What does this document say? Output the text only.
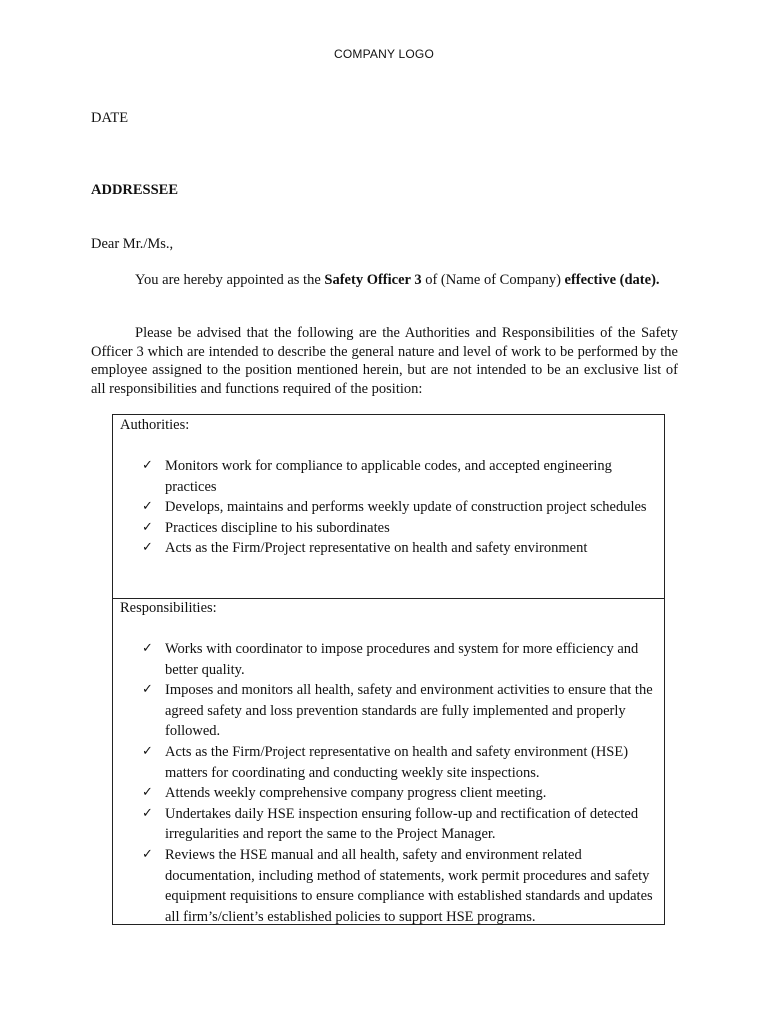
COMPANY LOGO
DATE
ADDRESSEE
Dear Mr./Ms.,

You are hereby appointed as the Safety Officer 3 of (Name of Company) effective (date).

Please be advised that the following are the Authorities and Responsibilities of the Safety Officer 3 which are intended to describe the general nature and level of work to be performed by the employee assigned to the position mentioned herein, but are not intended to be an exclusive list of all responsibilities and functions required of the position:

Authorities:
✓ Monitors work for compliance to applicable codes, and accepted engineering practices
✓ Develops, maintains and performs weekly update of construction project schedules
✓ Practices discipline to his subordinates
✓ Acts as the Firm/Project representative on health and safety environment
Responsibilities:
✓ Works with coordinator to impose procedures and system for more efficiency and better quality.
✓ Imposes and monitors all health, safety and environment activities to ensure that the agreed safety and loss prevention standards are fully implemented and properly followed.
✓ Acts as the Firm/Project representative on health and safety environment (HSE) matters for coordinating and conducting weekly site inspections.
✓ Attends weekly comprehensive company progress client meeting.
✓ Undertakes daily HSE inspection ensuring follow-up and rectification of detected irregularities and report the same to the Project Manager.
✓ Reviews the HSE manual and all health, safety and environment related documentation, including method of statements, work permit procedures and safety equipment requisitions to ensure compliance with established standards and updates all firm’s/client’s established policies to support HSE programs.
